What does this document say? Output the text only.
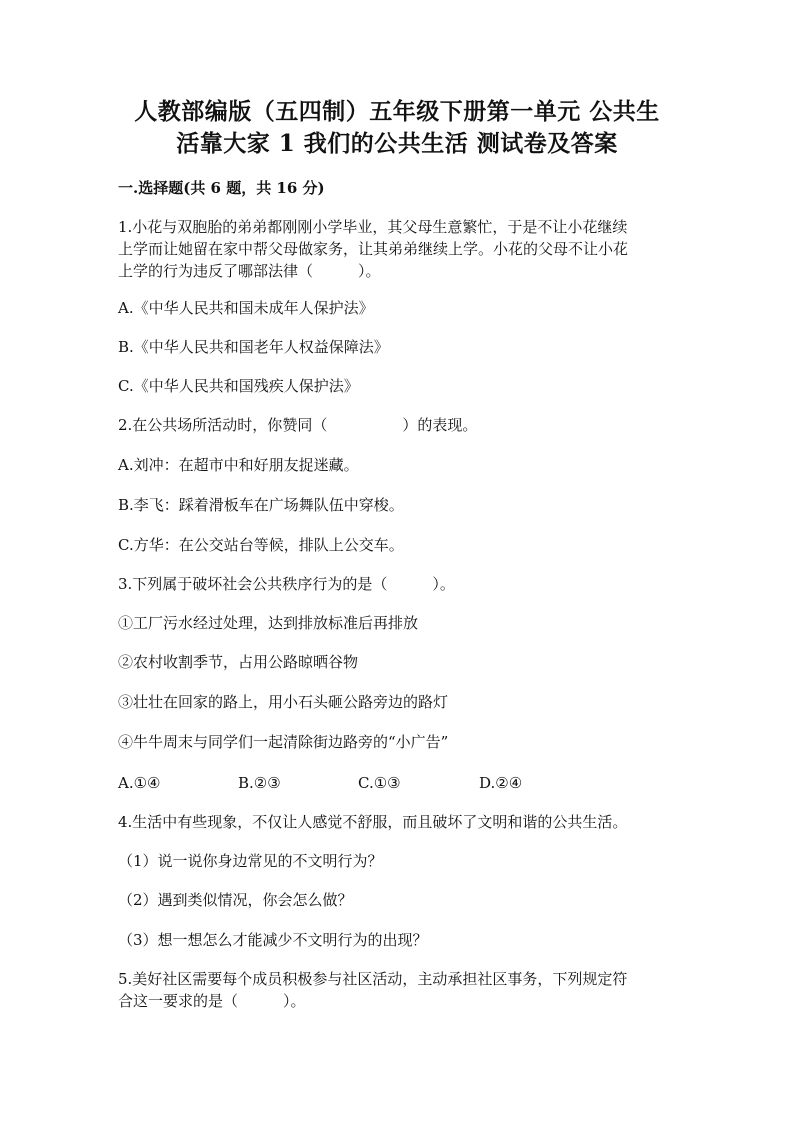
人教部编版（五四制）五年级下册第一单元 公共生
活靠大家 1 我们的公共生活 测试卷及答案
一.选择题(共 6 题，共 16 分)
1.小花与双胞胎的弟弟都刚刚小学毕业，其父母生意繁忙，于是不让小花继续
上学而让她留在家中帮父母做家务，让其弟弟继续上学。小花的父母不让小花
上学的行为违反了哪部法律（　　　）。
A.《中华人民共和国未成年人保护法》
B.《中华人民共和国老年人权益保障法》
C.《中华人民共和国残疾人保护法》
2.在公共场所活动时，你赞同（　　　　　）的表现。
A.刘冲：在超市中和好朋友捉迷藏。
B.李飞：踩着滑板车在广场舞队伍中穿梭。
C.方华：在公交站台等候，排队上公交车。
3.下列属于破坏社会公共秩序行为的是（　　　）。
①工厂污水经过处理，达到排放标准后再排放
②农村收割季节，占用公路晾晒谷物
③壮壮在回家的路上，用小石头砸公路旁边的路灯
④牛牛周末与同学们一起清除街边路旁的“小广告”
A.①④	B.②③	C.①③	D.②④
4.生活中有些现象，不仅让人感觉不舒服，而且破坏了文明和谐的公共生活。
（1）说一说你身边常见的不文明行为？
（2）遇到类似情况，你会怎么做？
（3）想一想怎么才能减少不文明行为的出现？
5.美好社区需要每个成员积极参与社区活动，主动承担社区事务，下列规定符
合这一要求的是（　　　）。
